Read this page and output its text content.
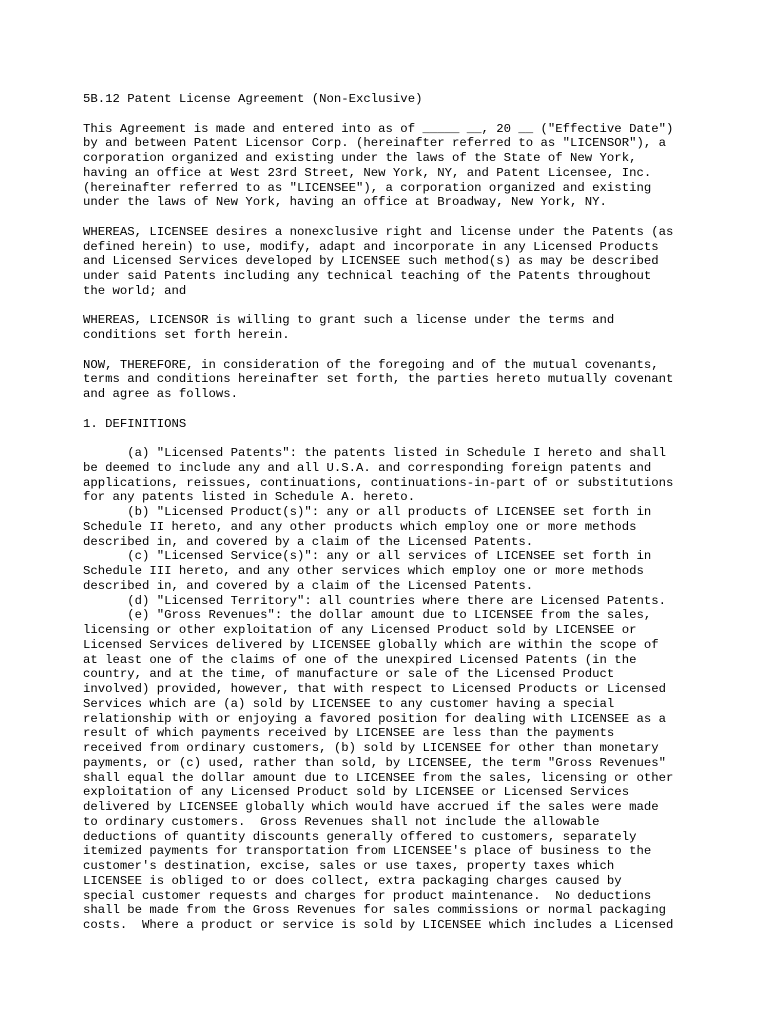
5B.12 Patent License Agreement (Non-Exclusive)
This Agreement is made and entered into as of _____ __, 20 __ ("Effective Date")
by and between Patent Licensor Corp. (hereinafter referred to as "LICENSOR"), a
corporation organized and existing under the laws of the State of New York,
having an office at West 23rd Street, New York, NY, and Patent Licensee, Inc.
(hereinafter referred to as "LICENSEE"), a corporation organized and existing
under the laws of New York, having an office at Broadway, New York, NY.
WHEREAS, LICENSEE desires a nonexclusive right and license under the Patents (as
defined herein) to use, modify, adapt and incorporate in any Licensed Products
and Licensed Services developed by LICENSEE such method(s) as may be described
under said Patents including any technical teaching of the Patents throughout
the world; and
WHEREAS, LICENSOR is willing to grant such a license under the terms and
conditions set forth herein.
NOW, THEREFORE, in consideration of the foregoing and of the mutual covenants,
terms and conditions hereinafter set forth, the parties hereto mutually covenant
and agree as follows.
1. DEFINITIONS
(a) "Licensed Patents": the patents listed in Schedule I hereto and shall
be deemed to include any and all U.S.A. and corresponding foreign patents and
applications, reissues, continuations, continuations-in-part of or substitutions
for any patents listed in Schedule A. hereto.
(b) "Licensed Product(s)": any or all products of LICENSEE set forth in
Schedule II hereto, and any other products which employ one or more methods
described in, and covered by a claim of the Licensed Patents.
(c) "Licensed Service(s)": any or all services of LICENSEE set forth in
Schedule III hereto, and any other services which employ one or more methods
described in, and covered by a claim of the Licensed Patents.
(d) "Licensed Territory": all countries where there are Licensed Patents.
(e) "Gross Revenues": the dollar amount due to LICENSEE from the sales,
licensing or other exploitation of any Licensed Product sold by LICENSEE or
Licensed Services delivered by LICENSEE globally which are within the scope of
at least one of the claims of one of the unexpired Licensed Patents (in the
country, and at the time, of manufacture or sale of the Licensed Product
involved) provided, however, that with respect to Licensed Products or Licensed
Services which are (a) sold by LICENSEE to any customer having a special
relationship with or enjoying a favored position for dealing with LICENSEE as a
result of which payments received by LICENSEE are less than the payments
received from ordinary customers, (b) sold by LICENSEE for other than monetary
payments, or (c) used, rather than sold, by LICENSEE, the term "Gross Revenues"
shall equal the dollar amount due to LICENSEE from the sales, licensing or other
exploitation of any Licensed Product sold by LICENSEE or Licensed Services
delivered by LICENSEE globally which would have accrued if the sales were made
to ordinary customers.  Gross Revenues shall not include the allowable
deductions of quantity discounts generally offered to customers, separately
itemized payments for transportation from LICENSEE's place of business to the
customer's destination, excise, sales or use taxes, property taxes which
LICENSEE is obliged to or does collect, extra packaging charges caused by
special customer requests and charges for product maintenance.  No deductions
shall be made from the Gross Revenues for sales commissions or normal packaging
costs.  Where a product or service is sold by LICENSEE which includes a Licensed
